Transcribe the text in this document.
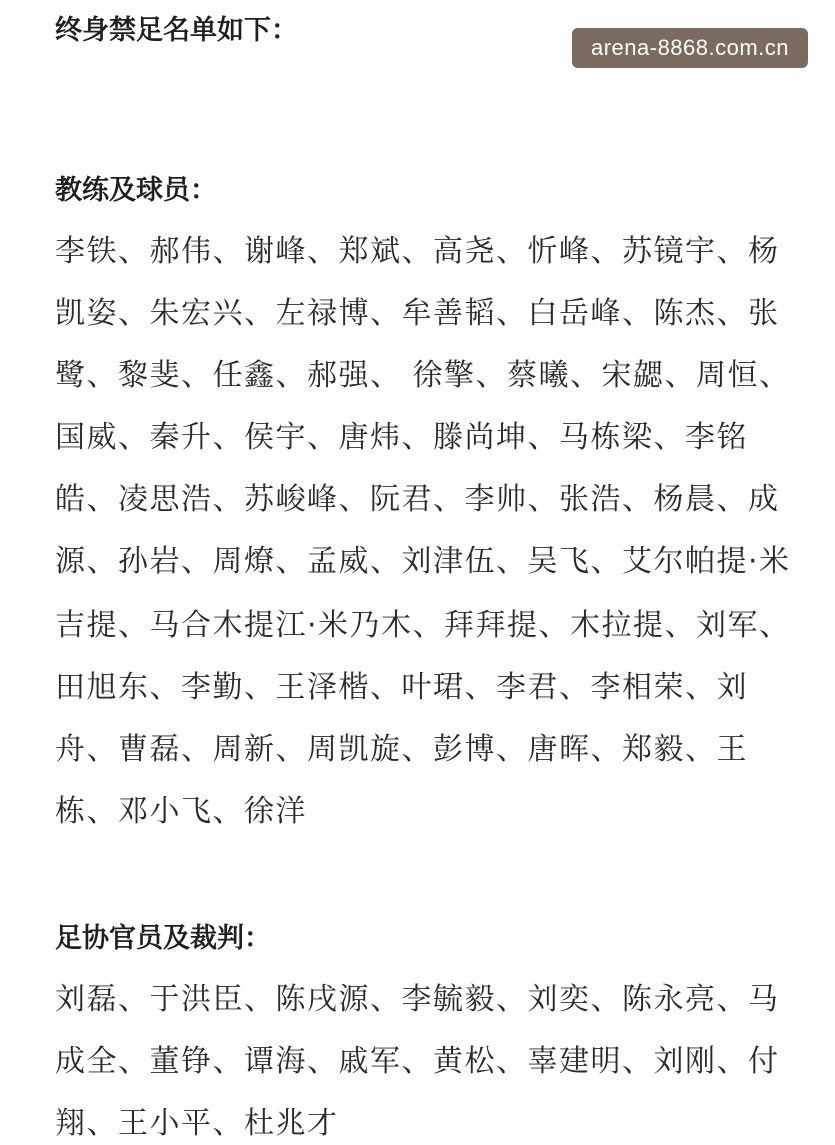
arena-8868.com.cn
终身禁足名单如下：
教练及球员：
李铁、郝伟、谢峰、郑斌、高尧、忻峰、苏镜宇、杨
凯姿、朱宏兴、左禄博、牟善韬、白岳峰、陈杰、张
鹭、黎斐、任鑫、郝强、 徐擎、蔡曦、宋勰、周恒、
国威、秦升、侯宇、唐炜、滕尚坤、马栋梁、李铭
皓、凌思浩、苏峻峰、阮君、李帅、张浩、杨晨、成
源、孙岩、周燎、孟威、刘津伍、吴飞、艾尔帕提·米
吉提、马合木提江·米乃木、拜拜提、木拉提、刘军、
田旭东、李勤、王泽楷、叶珺、李君、李相荣、刘
舟、曹磊、周新、周凯旋、彭博、唐晖、郑毅、王
栋、邓小飞、徐洋
足协官员及裁判：
刘磊、于洪臣、陈戌源、李毓毅、刘奕、陈永亮、马
成全、董铮、谭海、戚军、黄松、辜建明、刘刚、付
翔、王小平、杜兆才
